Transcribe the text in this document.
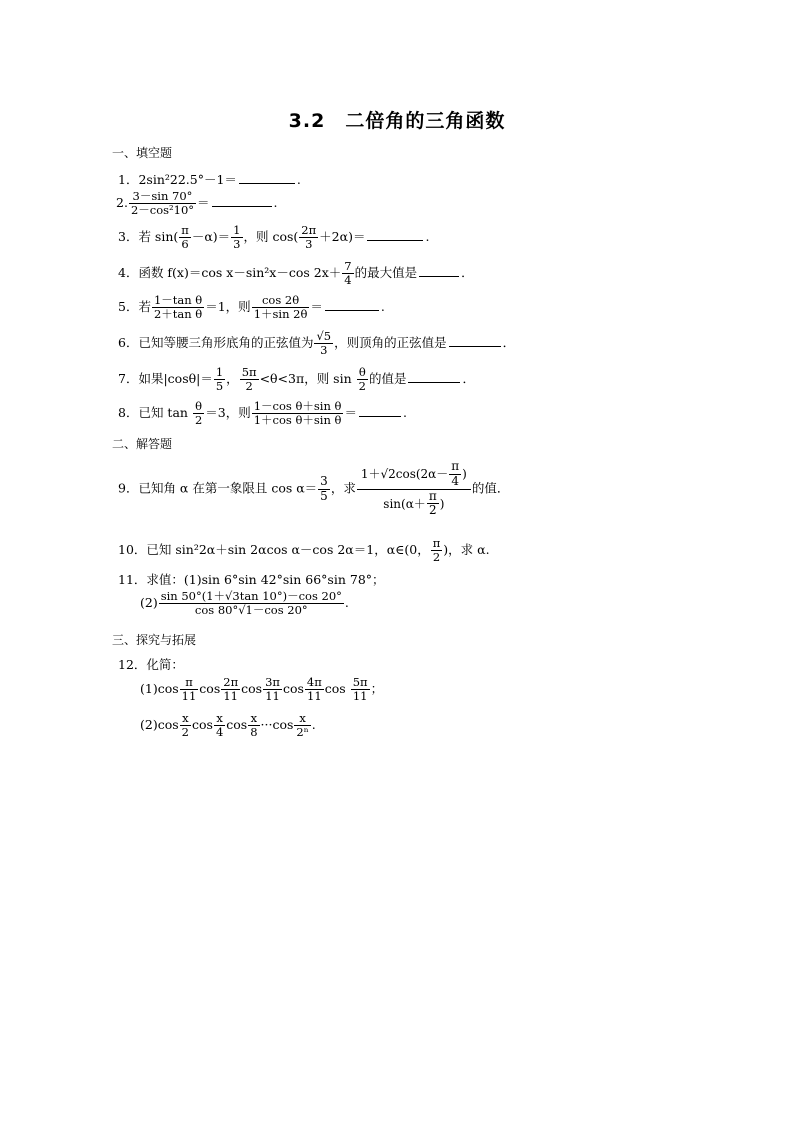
3.2　二倍角的三角函数
一、填空题
1．2sin²22.5°－1＝	.
2. $\frac{3-\sin 70^\circ}{\text{2－cos²10°}}$ ＝	.
3．若 $\sin( \frac{\pi}{6} -\alpha)= \frac{1}{3}$ ，则 $\cos( \frac{2\pi}{3} +2\alpha)=$	.
4．函数 f(x)＝cos x－sin²x－cos $2x+ \frac{7}{4}$ 的最大值是	．
5．若 $\frac{\text{1－tan θ}}{\text{2＋tan θ}} =1$，则 $\frac{\cos 2\theta}{1+\sin 2\theta}$ ＝	.
6．已知等腰三角形底角的正弦值为 $\frac{√5}{3}$ ，则顶角的正弦值是	．
7．如果$|\cos\theta|= \frac{1}{5}$ ， $\frac{5\pi}{2} <\theta<3\pi$，则 $\sin \frac{\theta}{2}$ 的值是	．
8．已知 $\tan \frac{\theta}{2} =3$，则 $\frac{\text{1－cos θ＋sin θ}}{\text{1＋cos θ＋sin θ}}$ ＝	.
二、解答题
9．已知角 α 在第一象限且 $\cos \alpha= \frac{3}{5}$ ，求 $\frac{1+√2\cos(2\alpha- \frac{\pi}{4} )}{\sin(\alpha+ \frac{\pi}{2} )}$ 的值．
10．已知 sin²2α＋sin 2αcos α－cos 2α＝1，α∈(0， $\frac{\pi}{2}$ )，求 α.
11．求值：(1)sin 6°sin 42°sin 66°sin 78°；
$(2) \frac{\sin 50^\circ(1+√3\tan 10^\circ)-\cos 20^\circ}{\cos 80^\circ√1-\cos 20^\circ}$ .
三、探究与拓展
12．化简：
$(1)\cos \frac{\pi}{11}$ $\cos \frac{2\pi}{11}$ $\cos \frac{3\pi}{11}$ $\cos \frac{4\pi}{11}$ $\cos \frac{5\pi}{11}$ ；
$(2)\cos \frac{x}{2}$ $\cos \frac{x}{4}$ $\cos \frac{x}{8} \cdot\cdot\cdot\cos \frac{x}{\text{2ⁿ}}$ .
